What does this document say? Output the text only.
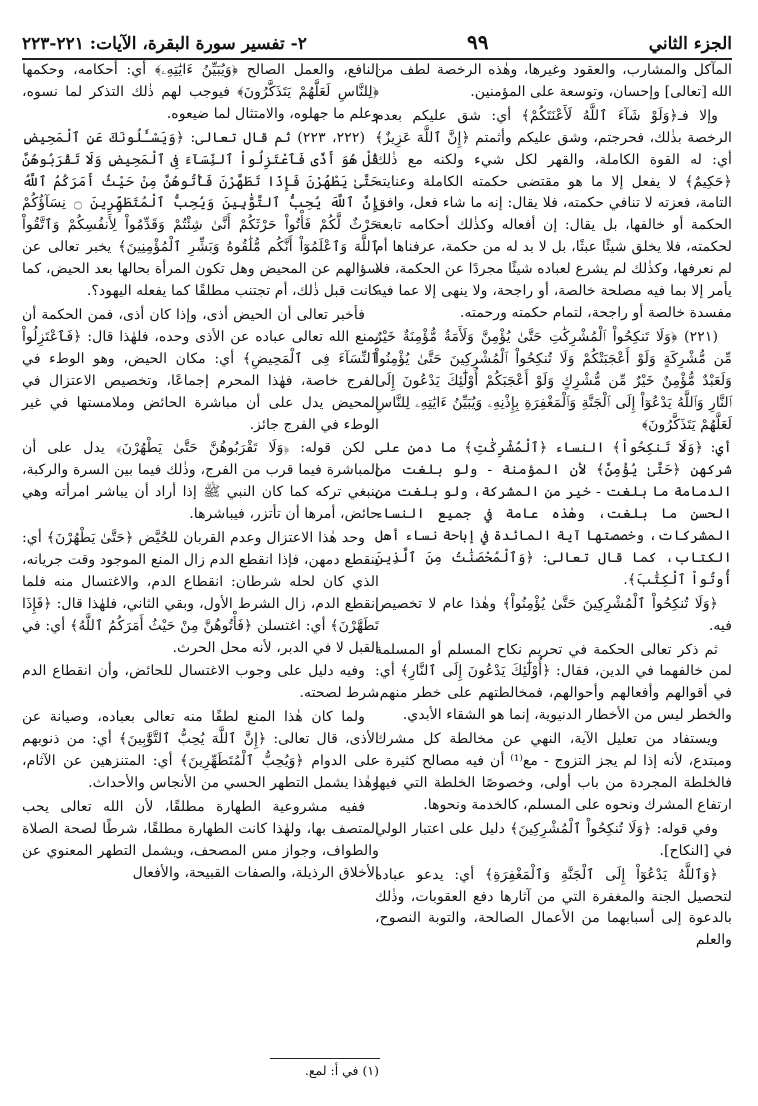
الجزء الثاني
٩٩
٢- تفسير سورة البقرة، الآيات: ٢٢١-٢٢٣

المآكل والمشارب، والعقود وغيرها، وهٰذه الرخصة لطف من الله [تعالى] وإحسان، وتوسعة على المؤمنين.

وإلا فـ﴿وَلَوْ شَآءَ ٱللَّهُ لَأَعْنَتَكُمْ﴾ أي: شق عليكم بعدم الرخصة بذٰلك، فحرجتم، وشق عليكم وأثمتم ﴿إِنَّ ٱللَّهَ عَزِيزٌ﴾ أي: له القوة الكاملة، والقهر لكل شيء ولكنه مع ذٰلك ﴿حَكِيمٌ﴾ لا يفعل إلا ما هو مقتضى حكمته الكاملة وعنايته التامة، فعزته لا تنافي حكمته، فلا يقال: إنه ما شاء فعل، وافق الحكمة أو خالفها، بل يقال: إن أفعاله وكذٰلك أحكامه تابعة لحكمته، فلا يخلق شيئًا عبثًا، بل لا بد له من حكمة، عرفناها أم لم نعرفها، وكذٰلك لم يشرع لعباده شيئًا مجردًا عن الحكمة، فلا يأمر إلا بما فيه مصلحة خالصة، أو راجحة، ولا ينهى إلا عما فيه مفسدة خالصة أو راجحة، لتمام حكمته ورحمته.

(٢٢١) ﴿وَلَا تَنكِحُواْ ٱلْمُشْرِكَٰتِ حَتَّىٰ يُؤْمِنَّ وَلَأَمَةٌ مُّؤْمِنَةٌ خَيْرٌ مِّن مُّشْرِكَةٍ وَلَوْ أَعْجَبَتْكُمْ وَلَا تُنكِحُواْ ٱلْمُشْرِكِينَ حَتَّىٰ يُؤْمِنُواْ وَلَعَبْدٌ مُّؤْمِنٌ خَيْرٌ مِّن مُّشْرِكٍ وَلَوْ أَعْجَبَكُمْ أُوْلَٰٓئِكَ يَدْعُونَ إِلَى ٱلنَّارِ وَٱللَّهُ يَدْعُوٓاْ إِلَى ٱلْجَنَّةِ وَٱلْمَغْفِرَةِ بِإِذْنِهِۦ وَيُبَيِّنُ ءَايَٰتِهِۦ لِلنَّاسِ لَعَلَّهُمْ يَتَذَكَّرُونَ﴾

أي: ﴿وَلَا تَنكِحُواْ﴾ النساء ﴿ٱلْمُشْرِكَٰتِ﴾ ما دمن على شركهن ﴿حَتَّىٰ يُؤْمِنَّ﴾ لأن المؤمنة - ولو بلغت من الدمامة ما بلغت - خير من المشركة، ولو بلغت من الحسن ما بلغت، وهٰذه عامة في جميع النساء المشركات، وخصصتها آية المائدة في إباحة نساء أهل الكتاب، كما قال تعالى: ﴿وَٱلْمُحْصَنَٰتُ مِنَ ٱلَّذِينَ أُوتُواْ ٱلْكِتَٰبَ﴾.

﴿وَلَا تُنكِحُواْ ٱلْمُشْرِكِينَ حَتَّىٰ يُؤْمِنُواْ﴾ وهٰذا عام لا تخصيص فيه.

ثم ذكر تعالى الحكمة في تحريم نكاح المسلم أو المسلمة لمن خالفهما في الدين، فقال: ﴿أُوْلَٰٓئِكَ يَدْعُونَ إِلَى ٱلنَّارِ﴾ أي: في أقوالهم وأفعالهم وأحوالهم، فمخالطتهم على خطر منهم، والخطر ليس من الأخطار الدنيوية، إنما هو الشقاء الأبدي.

ويستفاد من تعليل الآية، النهي عن مخالطة كل مشرك ومبتدع، لأنه إذا لم يجز التزوج - مع⁽¹⁾ أن فيه مصالح كثيرة - فالخلطة المجردة من باب أولى، وخصوصًا الخلطة التي فيها ارتفاع المشرك ونحوه على المسلم، كالخدمة ونحوها.

وفي قوله: ﴿وَلَا تُنكِحُواْ ٱلْمُشْرِكِينَ﴾ دليل على اعتبار الولي في [النكاح].

﴿وَٱللَّهُ يَدْعُوٓاْ إِلَى ٱلْجَنَّةِ وَٱلْمَغْفِرَةِ﴾ أي: يدعو عباده لتحصيل الجنة والمغفرة التي من آثارها دفع العقوبات، وذٰلك بالدعوة إلى أسبابهما من الأعمال الصالحة، والتوبة النصوح، والعلم

النافع، والعمل الصالح ﴿وَيُبَيِّنُ ءَايَٰتِهِۦ﴾ أي: أحكامه، وحكمها ﴿لِلنَّاسِ لَعَلَّهُمْ يَتَذَكَّرُونَ﴾ فيوجب لهم ذٰلك التذكر لما نسوه، وعلم ما جهلوه، والامتثال لما ضيعوه.

(٢٢٢، ٢٢٣) ثم قال تعالى: ﴿وَيَسْـَٔلُونَكَ عَنِ ٱلْمَحِيضِ قُلْ هُوَ أَذًى فَٱعْتَزِلُواْ ٱلنِّسَآءَ فِى ٱلْمَحِيضِ وَلَا تَقْرَبُوهُنَّ حَتَّىٰ يَطْهُرْنَ فَإِذَا تَطَهَّرْنَ فَأْتُوهُنَّ مِنْ حَيْثُ أَمَرَكُمُ ٱللَّهُ إِنَّ ٱللَّهَ يُحِبُّ ٱلتَّوَّٰبِينَ وَيُحِبُّ ٱلْمُتَطَهِّرِينَ ۝ نِسَآؤُكُمْ حَرْثٌ لَّكُمْ فَأْتُواْ حَرْثَكُمْ أَنَّىٰ شِئْتُمْ وَقَدِّمُواْ لِأَنفُسِكُمْ وَٱتَّقُواْ ٱللَّهَ وَٱعْلَمُوٓاْ أَنَّكُم مُّلَٰقُوهُ وَبَشِّرِ ٱلْمُؤْمِنِينَ﴾ يخبر تعالى عن سؤالهم عن المحيض وهل تكون المرأة بحالها بعد الحيض، كما كانت قبل ذٰلك، أم تجتنب مطلقًا كما يفعله اليهود؟.

فأخبر تعالى أن الحيض أذى، وإذا كان أذى، فمن الحكمة أن يمنع الله تعالى عباده عن الأذى وحده، فلهٰذا قال: ﴿فَٱعْتَزِلُواْ ٱلنِّسَآءَ فِى ٱلْمَحِيضِ﴾ أي: مكان الحيض، وهو الوطء في الفرج خاصة، فهٰذا المحرم إجماعًا، وتخصيص الاعتزال في المحيض يدل على أن مباشرة الحائض وملامستها في غير الوطء في الفرج جائز.

لكن قوله: ﴿وَلَا تَقْرَبُوهُنَّ حَتَّىٰ يَطْهُرْنَ﴾ يدل على أن المباشرة فيما قرب من الفرج، وذٰلك فيما بين السرة والركبة، ينبغي تركه كما كان النبي ﷺ إذا أراد أن يباشر امرأته وهي حائض، أمرها أن تأتزر، فيباشرها.

وحد هٰذا الاعتزال وعدم القربان للحُيَّض ﴿حَتَّىٰ يَطْهُرْنَ﴾ أي: ينقطع دمهن، فإذا انقطع الدم زال المنع الموجود وقت جريانه، الذي كان لحله شرطان: انقطاع الدم، والاغتسال منه فلما انقطع الدم، زال الشرط الأول، وبقي الثاني، فلهٰذا قال: ﴿فَإِذَا تَطَهَّرْنَ﴾ أي: اغتسلن ﴿فَأْتُوهُنَّ مِنْ حَيْثُ أَمَرَكُمُ ٱللَّهُ﴾ أي: في القبل لا في الدبر، لأنه محل الحرث.

وفيه دليل على وجوب الاغتسال للحائض، وأن انقطاع الدم شرط لصحته.

ولما كان هٰذا المنع لطفًا منه تعالى بعباده، وصيانة عن الأذى، قال تعالى: ﴿إِنَّ ٱللَّهَ يُحِبُّ ٱلتَّوَّٰبِينَ﴾ أي: من ذنوبهم على الدوام ﴿وَيُحِبُّ ٱلْمُتَطَهِّرِينَ﴾ أي: المتنزهين عن الآثام، وهٰذا يشمل التطهر الحسي من الأنجاس والأحداث.

ففيه مشروعية الطهارة مطلقًا، لأن الله تعالى يحب المتصف بها، ولهٰذا كانت الطهارة مطلقًا، شرطًا لصحة الصلاة والطواف، وجواز مس المصحف، ويشمل التطهر المعنوي عن الأخلاق الرذيلة، والصفات القبيحة، والأفعال

(١) في أ: لمع.
